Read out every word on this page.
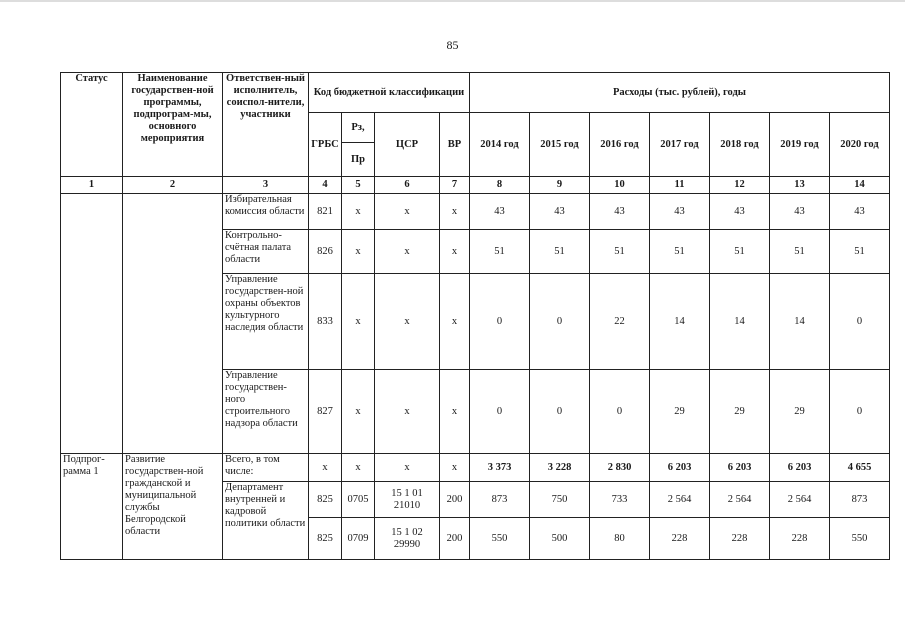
85
Статус	Наименование государствен-ной программы, подпрограм-мы, основного мероприятия	Ответствен-ный исполнитель, соиспол-нители, участники	Код бюджетной классификации				Расходы (тыс. рублей), годы						
			ГРБС	Рз,	ЦСР	ВР	2014 год	2015 год	2016 год	2017 год	2018 год	2019 год	2020 год
				Пр									
1	2	3	4	5	6	7	8	9	10	11	12	13	14
		Избирательная комиссия области	821	х	х	х	43	43	43	43	43	43	43
		Контрольно-счётная палата области	826	х	х	х	51	51	51	51	51	51	51
		Управление государствен-ной охраны объектов культурного наследия области	833	х	х	х	0	0	22	14	14	14	0
		Управление государствен-ного строительного надзора области	827	х	х	х	0	0	0	29	29	29	0
Подпрог-рамма 1	Развитие государствен-ной гражданской и муниципальной службы Белгородской области	Всего, в том числе:	х	х	х	х	3 373	3 228	2 830	6 203	6 203	6 203	4 655
		Департамент внутренней и кадровой политики области	825	0705	15 1 01 21010	200	873	750	733	2 564	2 564	2 564	873
			825	0709	15 1 02 29990	200	550	500	80	228	228	228	550
